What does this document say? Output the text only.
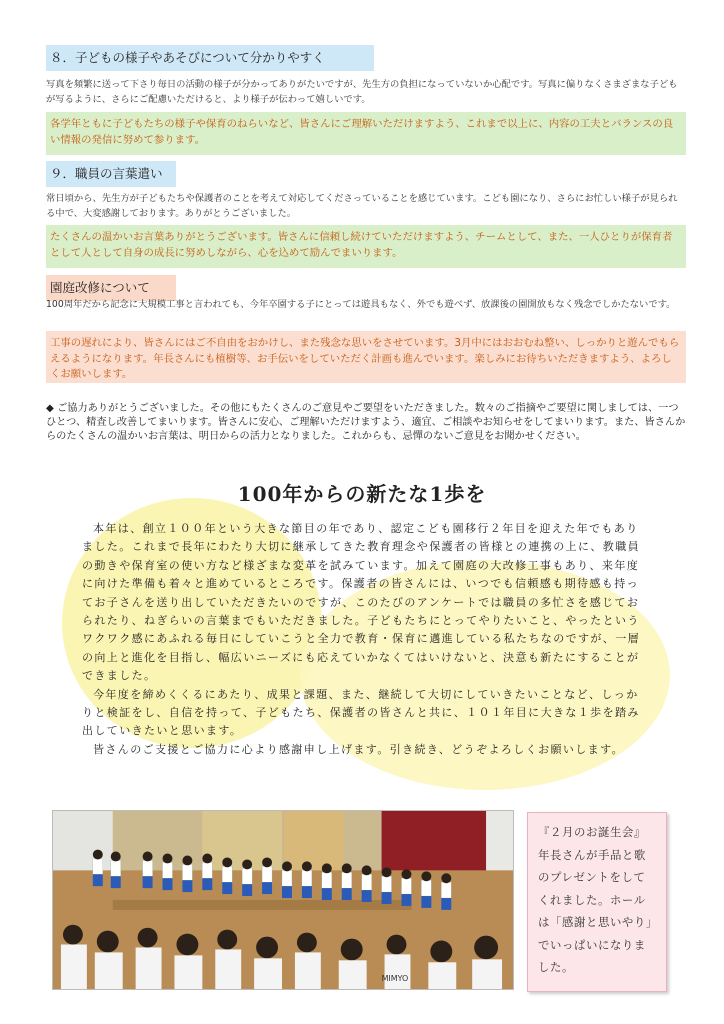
８．子どもの様子やあそびについて分かりやすく
写真を頻繁に送って下さり毎日の活動の様子が分かってありがたいですが、先生方の負担になっていないか心配です。写真に偏りなくさまざまな子どもが写るように、さらにご配慮いただけると、より様子が伝わって嬉しいです。
各学年ともに子どもたちの様子や保育のねらいなど、皆さんにご理解いただけますよう、これまで以上に、内容の工夫とバランスの良い情報の発信に努めて参ります。
９．職員の言葉遣い
常日頃から、先生方が子どもたちや保護者のことを考えて対応してくださっていることを感じています。こども園になり、さらにお忙しい様子が見られる中で、大変感謝しております。ありがとうございました。
たくさんの温かいお言葉ありがとうございます。皆さんに信頼し続けていただけますよう、チームとして、また、一人ひとりが保育者として人として自身の成長に努めしながら、心を込めて励んでまいります。
園庭改修について
100周年だから記念に大規模工事と言われても、今年卒園する子にとっては遊具もなく、外でも遊べず、放課後の園開放もなく残念でしかたないです。
工事の遅れにより、皆さんにはご不自由をおかけし、また残念な思いをさせています。3月中にはおおむね整い、しっかりと遊んでもらえるようになります。年長さんにも植樹等、お手伝いをしていただく計画も進んでいます。楽しみにお待ちいただきますよう、よろしくお願いします。
◆ ご協力ありがとうございました。その他にもたくさんのご意見やご要望をいただきました。数々のご指摘やご要望に関しましては、一つひとつ、精査し改善してまいります。皆さんに安心、ご理解いただけますよう、適宜、ご相談やお知らせをしてまいります。また、皆さんからのたくさんの温かいお言葉は、明日からの活力となりました。これからも、忌憚のないご意見をお聞かせください。
100年からの新たな1歩を

本年は、創立１００年という大きな節目の年であり、認定こども園移行２年目を迎えた年でもありました。これまで長年にわたり大切に継承してきた教育理念や保護者の皆様との連携の上に、教職員の動きや保育室の使い方など様ざまな変革を試みています。加えて園庭の大改修工事もあり、来年度に向けた準備も着々と進めているところです。保護者の皆さんには、いつでも信頼感も期待感も持ってお子さんを送り出していただきたいのですが、このたびのアンケートでは職員の多忙さを感じておられたり、ねぎらいの言葉までもいただきました。子どもたちにとってやりたいこと、やったというワクワク感にあふれる毎日にしていこうと全力で教育・保育に邁進している私たちなのですが、一層の向上と進化を目指し、幅広いニーズにも応えていかなくてはいけないと、決意も新たにすることができました。

今年度を締めくくるにあたり、成果と課題、また、継続して大切にしていきたいことなど、しっかりと検証をし、自信を持って、子どもたち、保護者の皆さんと共に、１０１年目に大きな１歩を踏み出していきたいと思います。

皆さんのご支援とご協力に心より感謝申し上げます。引き続き、どうぞよろしくお願いします。

MIMYO
『２月のお誕生会』年長さんが手品と歌のプレゼントをしてくれました。ホールは「感謝と思いやり」でいっぱいになりました。
